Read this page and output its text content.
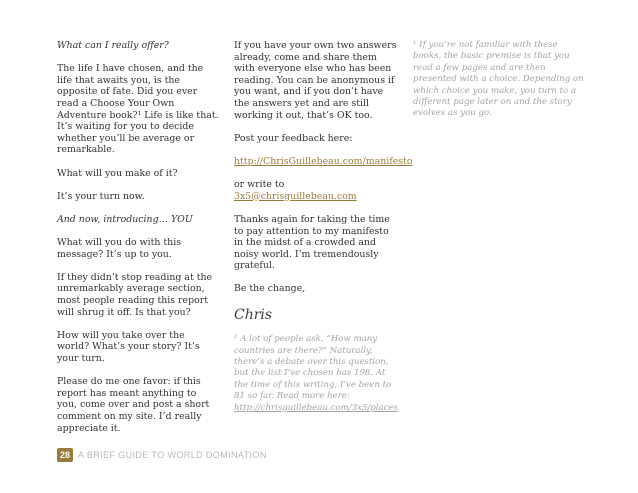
What can I really offer?

The life I have chosen, and the life that awaits you, is the opposite of fate. Did you ever read a Choose Your Own Adventure book?¹ Life is like that. It’s waiting for you to decide whether you’ll be average or remarkable.

What will you make of it?

It’s your turn now.

And now, introducing… YOU

What will you do with this message? It’s up to you.

If they didn’t stop reading at the unremarkably average section, most people reading this report will shrug it off. Is that you?

How will you take over the world? What’s your story? It’s your turn.

Please do me one favor: if this report has meant anything to you, come over and post a short comment on my site. I’d really appreciate it.

If you have your own two answers already, come and share them with everyone else who has been reading. You can be anonymous if you want, and if you don’t have the answers yet and are still working it out, that’s OK too.

Post your feedback here:

http://ChrisGuillebeau.com/manifesto

or write to 3x5@chrisguillebeau.com

Thanks again for taking the time to pay attention to my manifesto in the midst of a crowded and noisy world. I’m tremendously grateful.

Be the change,

Chris

² A lot of people ask, “How many countries are there?” Naturally, there’s a debate over this question, but the list I’ve chosen has 198. At the time of this writing, I’ve been to 81 so far. Read more here: http://chrisguillebeau.com/3x5/places

¹ If you’re not familiar with these books, the basic premise is that you read a few pages and are then presented with a choice. Depending on which choice you make, you turn to a different page later on and the story evolves as you go.

28 A BRIEF GUIDE TO WORLD DOMINATION
